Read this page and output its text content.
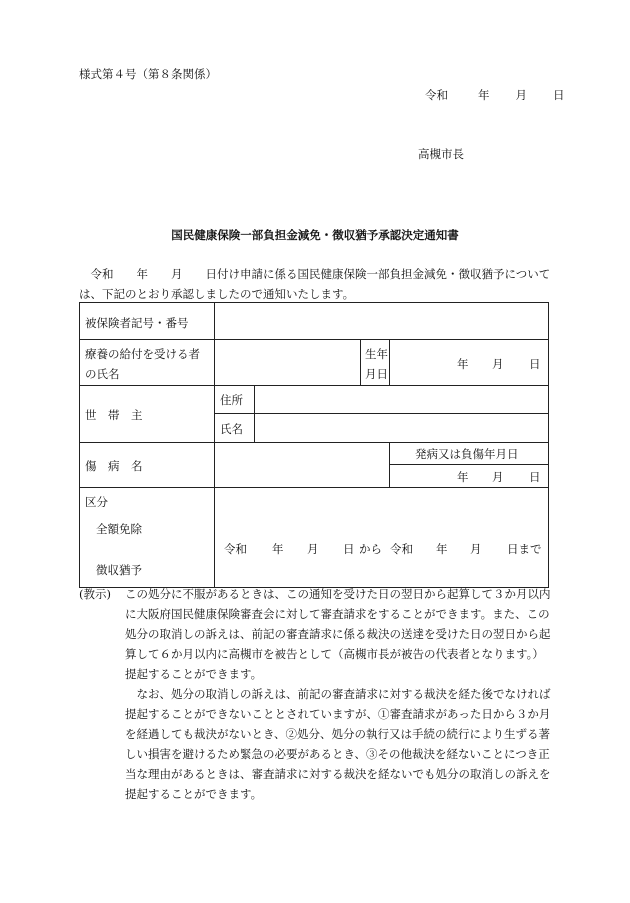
様式第４号（第８条関係）
令和	年 月 日
高槻市長
国民健康保険一部負担金減免・徴収猶予承認決定通知書
　令和　　年　　月　　日付け申請に係る国民健康保険一部負担金減免・徴収猶予については、下記のとおり承認しましたので通知いたします。
被保険者記号・番号
療養の給付を受ける者
の氏名
生年
月日
年 月 日
世　帯　主
住所
氏名
傷　病　名
発病又は負傷年月日
年 月 日
区分
全額免除
徴収猶予
令和 年 月 日 から 令和 年 月 日まで
(教示)	この処分に不服があるときは、この通知を受けた日の翌日から起算して３か月以内に大阪府国民健康保険審査会に対して審査請求をすることができます。また、この処分の取消しの訴えは、前記の審査請求に係る裁決の送達を受けた日の翌日から起算して６か月以内に高槻市を被告として（高槻市長が被告の代表者となります。）提起することができます。

　なお、処分の取消しの訴えは、前記の審査請求に対する裁決を経た後でなければ提起することができないこととされていますが、①審査請求があった日から３か月を経過しても裁決がないとき、②処分、処分の執行又は手続の続行により生ずる著しい損害を避けるため緊急の必要があるとき、③その他裁決を経ないことにつき正当な理由があるときは、審査請求に対する裁決を経ないでも処分の取消しの訴えを提起することができます。
